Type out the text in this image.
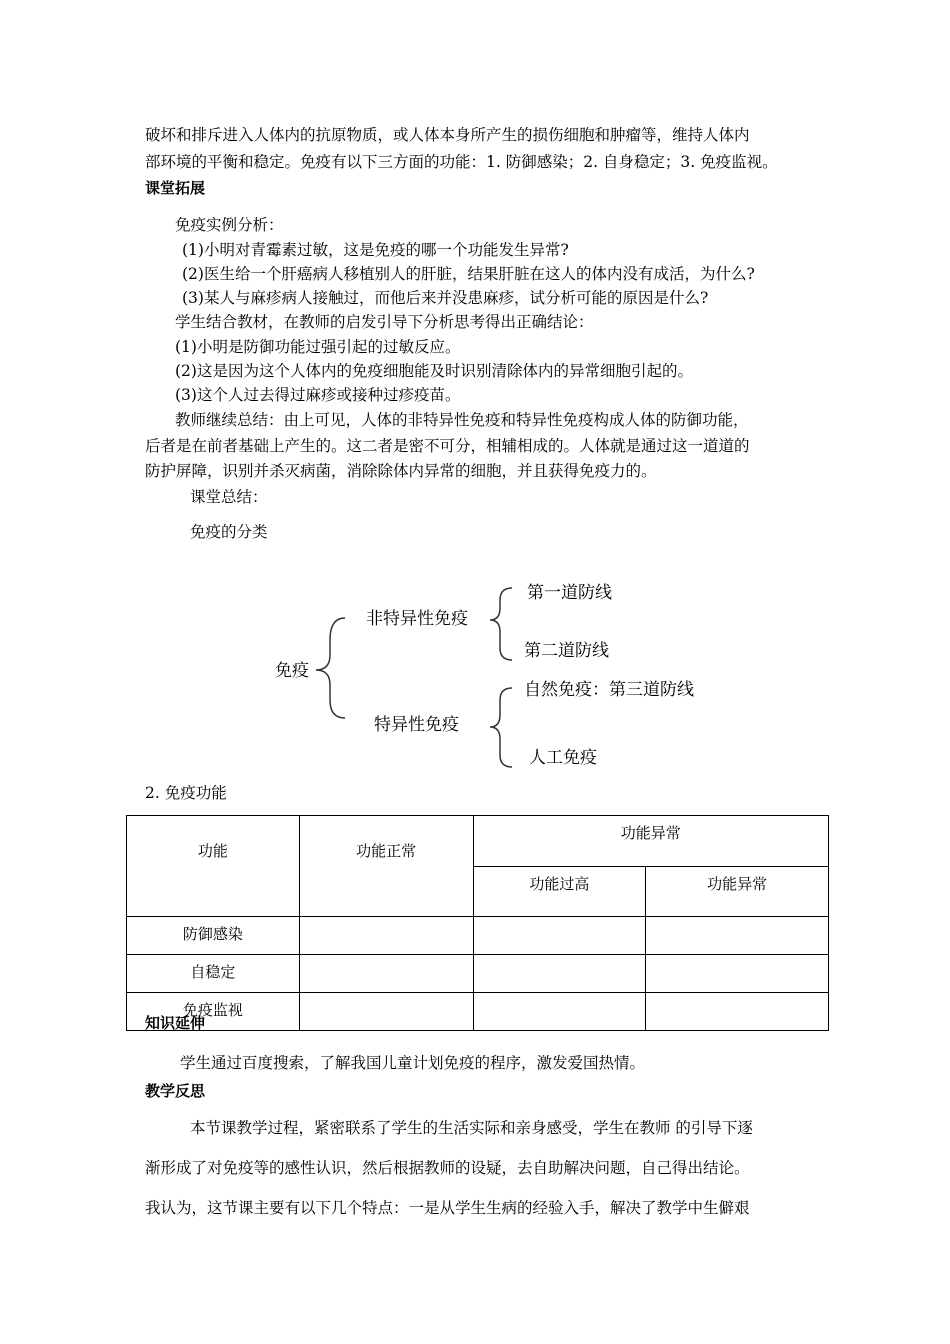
破坏和排斥进入人体内的抗原物质，或人体本身所产生的损伤细胞和肿瘤等，维持人体内
部环境的平衡和稳定。免疫有以下三方面的功能：1. 防御感染；2. 自身稳定；3. 免疫监视。
课堂拓展
免疫实例分析：
(1)小明对青霉素过敏，这是免疫的哪一个功能发生异常?
(2)医生给一个肝癌病人移植别人的肝脏，结果肝脏在这人的体内没有成活，为什么?
(3)某人与麻疹病人接触过，而他后来并没患麻疹，试分析可能的原因是什么?
学生结合教材，在教师的启发引导下分析思考得出正确结论：
(1)小明是防御功能过强引起的过敏反应。
(2)这是因为这个人体内的免疫细胞能及时识别清除体内的异常细胞引起的。
(3)这个人过去得过麻疹或接种过疹疫苗。
教师继续总结：由上可见，人体的非特异性免疫和特异性免疫构成人体的防御功能，
后者是在前者基础上产生的。这二者是密不可分，相辅相成的。人体就是通过这一道道的
防护屏障，识别并杀灭病菌，消除除体内异常的细胞，并且获得免疫力的。
课堂总结：
免疫的分类
免疫
非特异性免疫
第一道防线
第二道防线
特异性免疫
自然免疫：第三道防线
人工免疫
2. 免疫功能
功能	功能正常	功能异常	
		功能过高	功能异常
防御感染			
自稳定			
免疫监视			
知识延伸
学生通过百度搜索，了解我国儿童计划免疫的程序，激发爱国热情。
教学反思
本节课教学过程，紧密联系了学生的生活实际和亲身感受，学生在教师 的引导下逐
渐形成了对免疫等的感性认识，然后根据教师的设疑，去自助解决问题，自己得出结论。
我认为，这节课主要有以下几个特点：一是从学生生病的经验入手，解决了教学中生僻艰
